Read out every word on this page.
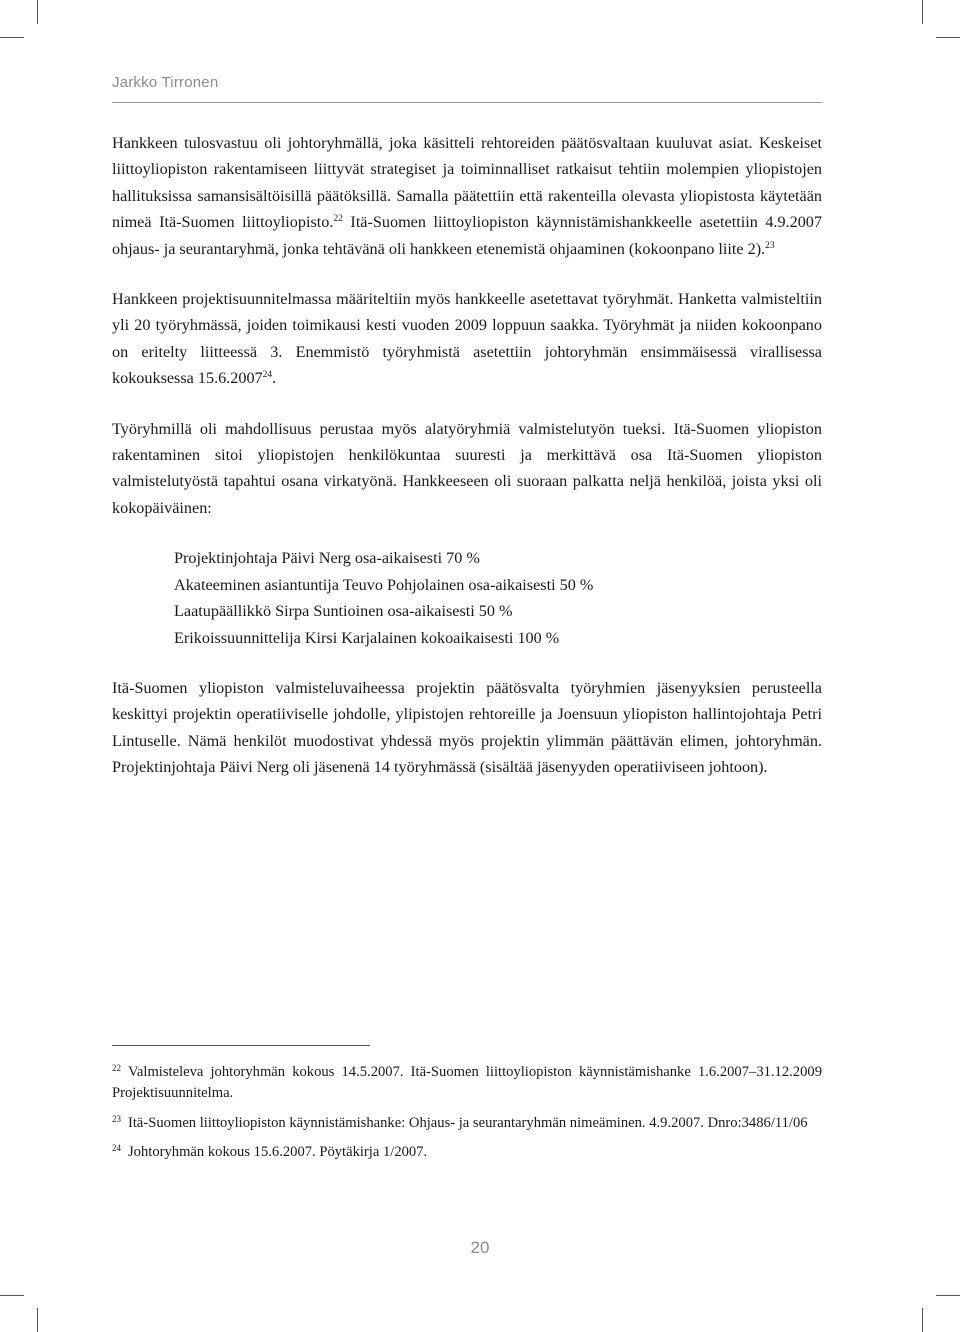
Jarkko Tirronen

Hankkeen tulosvastuu oli johtoryhmällä, joka käsitteli rehtoreiden päätösvaltaan kuuluvat asiat. Keskeiset liittoyliopiston rakentamiseen liittyvät strategiset ja toiminnalliset ratkaisut tehtiin molempien yliopistojen hallituksissa samansisältöisillä päätöksillä. Samalla päätettiin että rakenteilla olevasta yliopistosta käytetään nimeä Itä-Suomen liittoyliopisto.$^{22}$ Itä-Suomen liittoyliopiston käynnistämishankkeelle asetettiin 4.9.2007 ohjaus- ja seurantaryhmä, jonka tehtävänä oli hankkeen etenemistä ohjaaminen (kokoonpano liite 2).$^{23}$

Hankkeen projektisuunnitelmassa määriteltiin myös hankkeelle asetettavat työryhmät. Hanketta valmisteltiin yli 20 työryhmässä, joiden toimikausi kesti vuoden 2009 loppuun saakka. Työryhmät ja niiden kokoonpano on eritelty liitteessä 3. Enemmistö työryhmistä asetettiin johtoryhmän ensimmäisessä virallisessa kokouksessa 15.6.2007$^{24}$.

Työryhmillä oli mahdollisuus perustaa myös alatyöryhmiä valmistelutyön tueksi. Itä-Suomen yliopiston rakentaminen sitoi yliopistojen henkilökuntaa suuresti ja merkittävä osa Itä-Suomen yliopiston valmistelutyöstä tapahtui osana virkatyönä. Hankkeeseen oli suoraan palkatta neljä henkilöä, joista yksi oli kokopäiväinen:

Projektinjohtaja Päivi Nerg osa-aikaisesti 70 %
Akateeminen asiantuntija Teuvo Pohjolainen osa-aikaisesti 50 %
Laatupäällikkö Sirpa Suntioinen osa-aikaisesti 50 %
Erikoissuunnittelija Kirsi Karjalainen kokoaikaisesti 100 %

Itä-Suomen yliopiston valmisteluvaiheessa projektin päätösvalta työryhmien jäsenyyksien perusteella keskittyi projektin operatiiviselle johdolle, ylipistojen rehtoreille ja Joensuun yliopiston hallintojohtaja Petri Lintuselle. Nämä henkilöt muodostivat yhdessä myös projektin ylimmän päättävän elimen, johtoryhmän. Projektinjohtaja Päivi Nerg oli jäsenenä 14 työryhmässä (sisältää jäsenyyden operatiiviseen johtoon).

$^{22}$ Valmisteleva johtoryhmän kokous 14.5.2007. Itä-Suomen liittoyliopiston käynnistämishanke 1.6.2007–31.12.2009 Projektisuunnitelma.
$^{23}$ Itä-Suomen liittoyliopiston käynnistämishanke: Ohjaus- ja seurantaryhmän nimeäminen. 4.9.2007. Dnro:3486/11/06
$^{24}$ Johtoryhmän kokous 15.6.2007. Pöytäkirja 1/2007.
20
